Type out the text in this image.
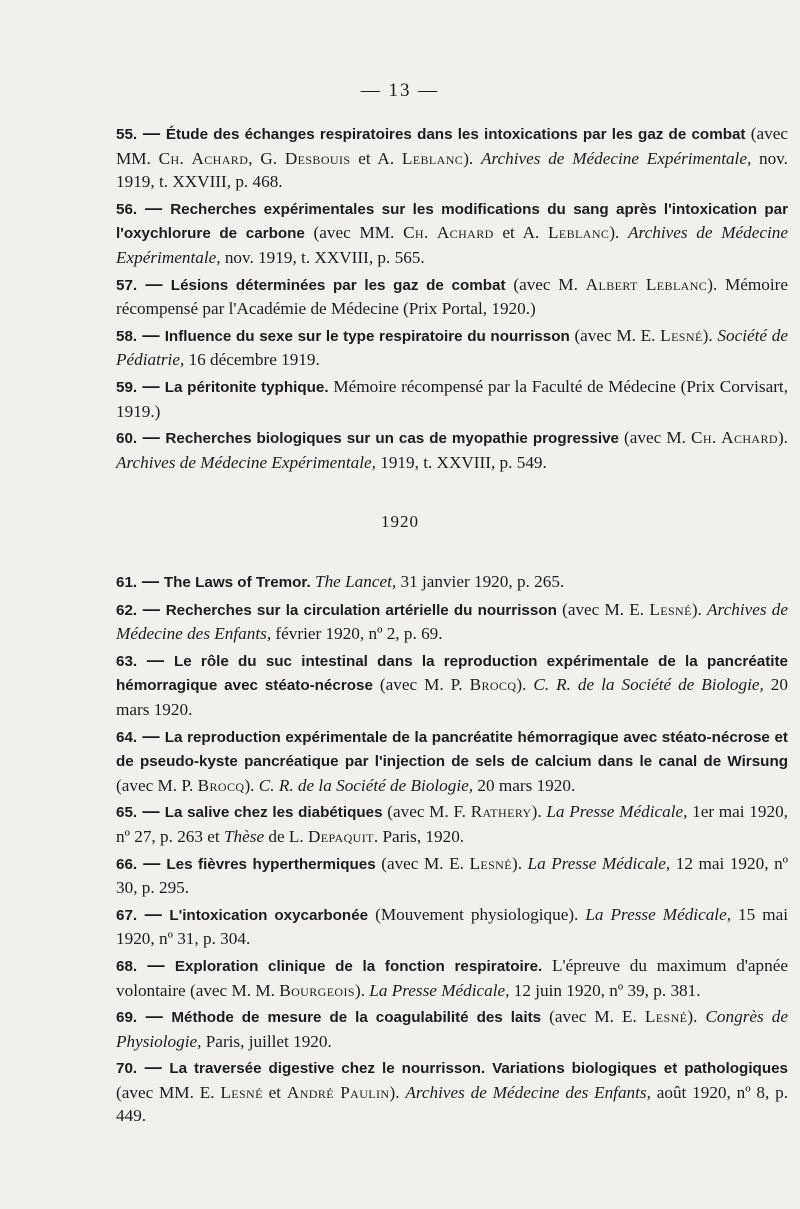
— 13 —
55. — Étude des échanges respiratoires dans les intoxications par les gaz de combat (avec MM. Ch. Achard, G. Desbouis et A. Leblanc). Archives de Médecine Expérimentale, nov. 1919, t. XXVIII, p. 468.
56. — Recherches expérimentales sur les modifications du sang après l'intoxication par l'oxychlorure de carbone (avec MM. Ch. Achard et A. Leblanc). Archives de Médecine Expérimentale, nov. 1919, t. XXVIII, p. 565.
57. — Lésions déterminées par les gaz de combat (avec M. Albert Leblanc). Mémoire récompensé par l'Académie de Médecine (Prix Portal, 1920.)
58. — Influence du sexe sur le type respiratoire du nourrisson (avec M. E. Lesné). Société de Pédiatrie, 16 décembre 1919.
59. — La péritonite typhique. Mémoire récompensé par la Faculté de Médecine (Prix Corvisart, 1919.)
60. — Recherches biologiques sur un cas de myopathie progressive (avec M. Ch. Achard). Archives de Médecine Expérimentale, 1919, t. XXVIII, p. 549.
1920
61. — The Laws of Tremor. The Lancet, 31 janvier 1920, p. 265.
62. — Recherches sur la circulation artérielle du nourrisson (avec M. E. Lesné). Archives de Médecine des Enfants, février 1920, nº 2, p. 69.
63. — Le rôle du suc intestinal dans la reproduction expérimentale de la pancréatite hémorragique avec stéato-nécrose (avec M. P. Brocq). C. R. de la Société de Biologie, 20 mars 1920.
64. — La reproduction expérimentale de la pancréatite hémorragique avec stéato-nécrose et de pseudo-kyste pancréatique par l'injection de sels de calcium dans le canal de Wirsung (avec M. P. Brocq). C. R. de la Société de Biologie, 20 mars 1920.
65. — La salive chez les diabétiques (avec M. F. Rathery). La Presse Médicale, 1er mai 1920, nº 27, p. 263 et Thèse de L. Depaquit. Paris, 1920.
66. — Les fièvres hyperthermiques (avec M. E. Lesné). La Presse Médicale, 12 mai 1920, nº 30, p. 295.
67. — L'intoxication oxycarbonée (Mouvement physiologique). La Presse Médicale, 15 mai 1920, nº 31, p. 304.
68. — Exploration clinique de la fonction respiratoire. L'épreuve du maximum d'apnée volontaire (avec M. M. Bourgeois). La Presse Médicale, 12 juin 1920, nº 39, p. 381.
69. — Méthode de mesure de la coagulabilité des laits (avec M. E. Lesné). Congrès de Physiologie, Paris, juillet 1920.
70. — La traversée digestive chez le nourrisson. Variations biologiques et pathologiques (avec MM. E. Lesné et André Paulin). Archives de Médecine des Enfants, août 1920, nº 8, p. 449.
